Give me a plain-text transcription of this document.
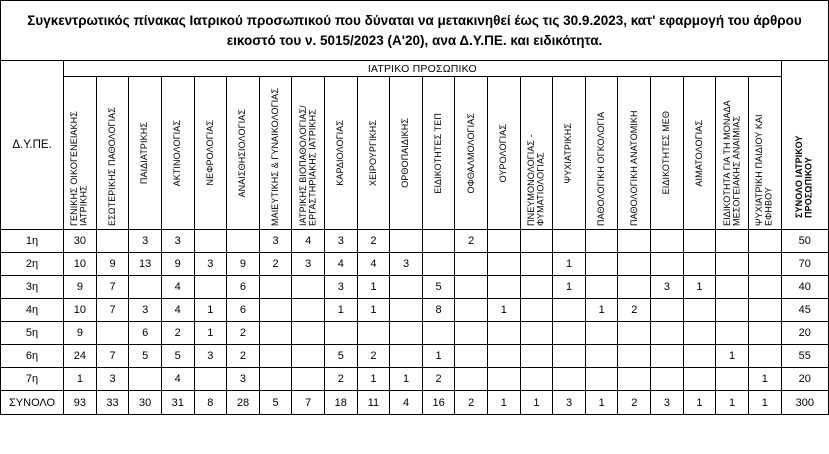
Συγκεντρωτικός πίνακας Ιατρικού προσωπικού που δύναται να μετακινηθεί έως τις 30.9.2023, κατ' εφαρμογή του άρθρου εικοστό του ν. 5015/2023 (Α'20), ανα Δ.Υ.ΠΕ. και ειδικότητα.
Δ.Υ.ΠΕ.	ΙΑΤΡΙΚΟ ΠΡΟΣΩΠΙΚΟ																						ΣΥΝΟΛΟ ΙΑΤΡΙΚΟΥ ΠΡΟΣΩΠΙΚΟΥ

	ΓΕΝΙΚΗΣ ΟΙΚΟΓΕΝΕΙΑΚΗΣ ΙΑΤΡΙΚΗΣ	ΕΣΩΤΕΡΙΚΗΣ ΠΑΘΟΛΟΓΙΑΣ	ΠΑΙΔΙΑΤΡΙΚΗΣ	ΑΚΤΙΝΟΛΟΓΙΑΣ	ΝΕΦΡΟΛΟΓΙΑΣ	ΑΝΑΙΣΘΗΣΙΟΛΟΓΙΑΣ	ΜΑΙΕΥΤΙΚΗΣ & ΓΥΝΑΙΚΟΛΟΓΙΑΣ	ΙΑΤΡΙΚΗΣ ΒΙΟΠΑΘΟΛΟΓΙΑΣ/ΕΡΓΑΣΤΗΡΙΑΚΗΣ ΙΑΤΡΙΚΗΣ	ΚΑΡΔΙΟΛΟΓΙΑΣ	ΧΕΙΡΟΥΡΓΙΚΗΣ	ΟΡΘΟΠΑΙΔΙΚΗΣ	ΕΙΔΙΚΟΤΗΤΕΣ ΤΕΠ	ΟΦΘΑΛΜΟΛΟΓΙΑΣ	ΟΥΡΟΛΟΓΙΑΣ	ΠΝΕΥΜΟΝΟΛΟΓΙΑΣ - ΦΥΜΑΤΙΟΛΟΓΙΑΣ	ΨΥΧΙΑΤΡΙΚΗΣ	ΠΑΘΟΛΟΓΙΚΗ ΟΓΚΟΛΟΓΙΑ	ΠΑΘΟΛΟΓΙΚΗ ΑΝΑΤΟΜΙΚΗ	ΕΙΔΙΚΟΤΗΤΕΣ ΜΕΘ	ΑΙΜΑΤΟΛΟΓΙΑΣ	ΕΙΔΙΚΟΤΗΤΑ ΓΙΑ ΤΗ ΜΟΝΑΔΑ ΜΕΣΟΓΕΙΑΚΗΣ ΑΝΑΙΜΙΑΣ	ΨΥΧΙΑΤΡΙΚΗ ΠΑΙΔΙΟΥ ΚΑΙ ΕΦΗΒΟΥ	

1η	30		3	3			3	4	3	2			2										50
2η	10	9	13	9	3	9	2	3	4	4	3					1							70
3η	9	7		4		6			3	1		5				1			3	1			40
4η	10	7	3	4	1	6			1	1		8		1			1	2					45
5η	9		6	2	1	2																	20
6η	24	7	5	5	3	2			5	2		1									1		55
7η	1	3		4		3			2	1	1	2										1	20
ΣΥΝΟΛΟ	93	33	30	31	8	28	5	7	18	11	4	16	2	1	1	3	1	2	3	1	1	1	300
